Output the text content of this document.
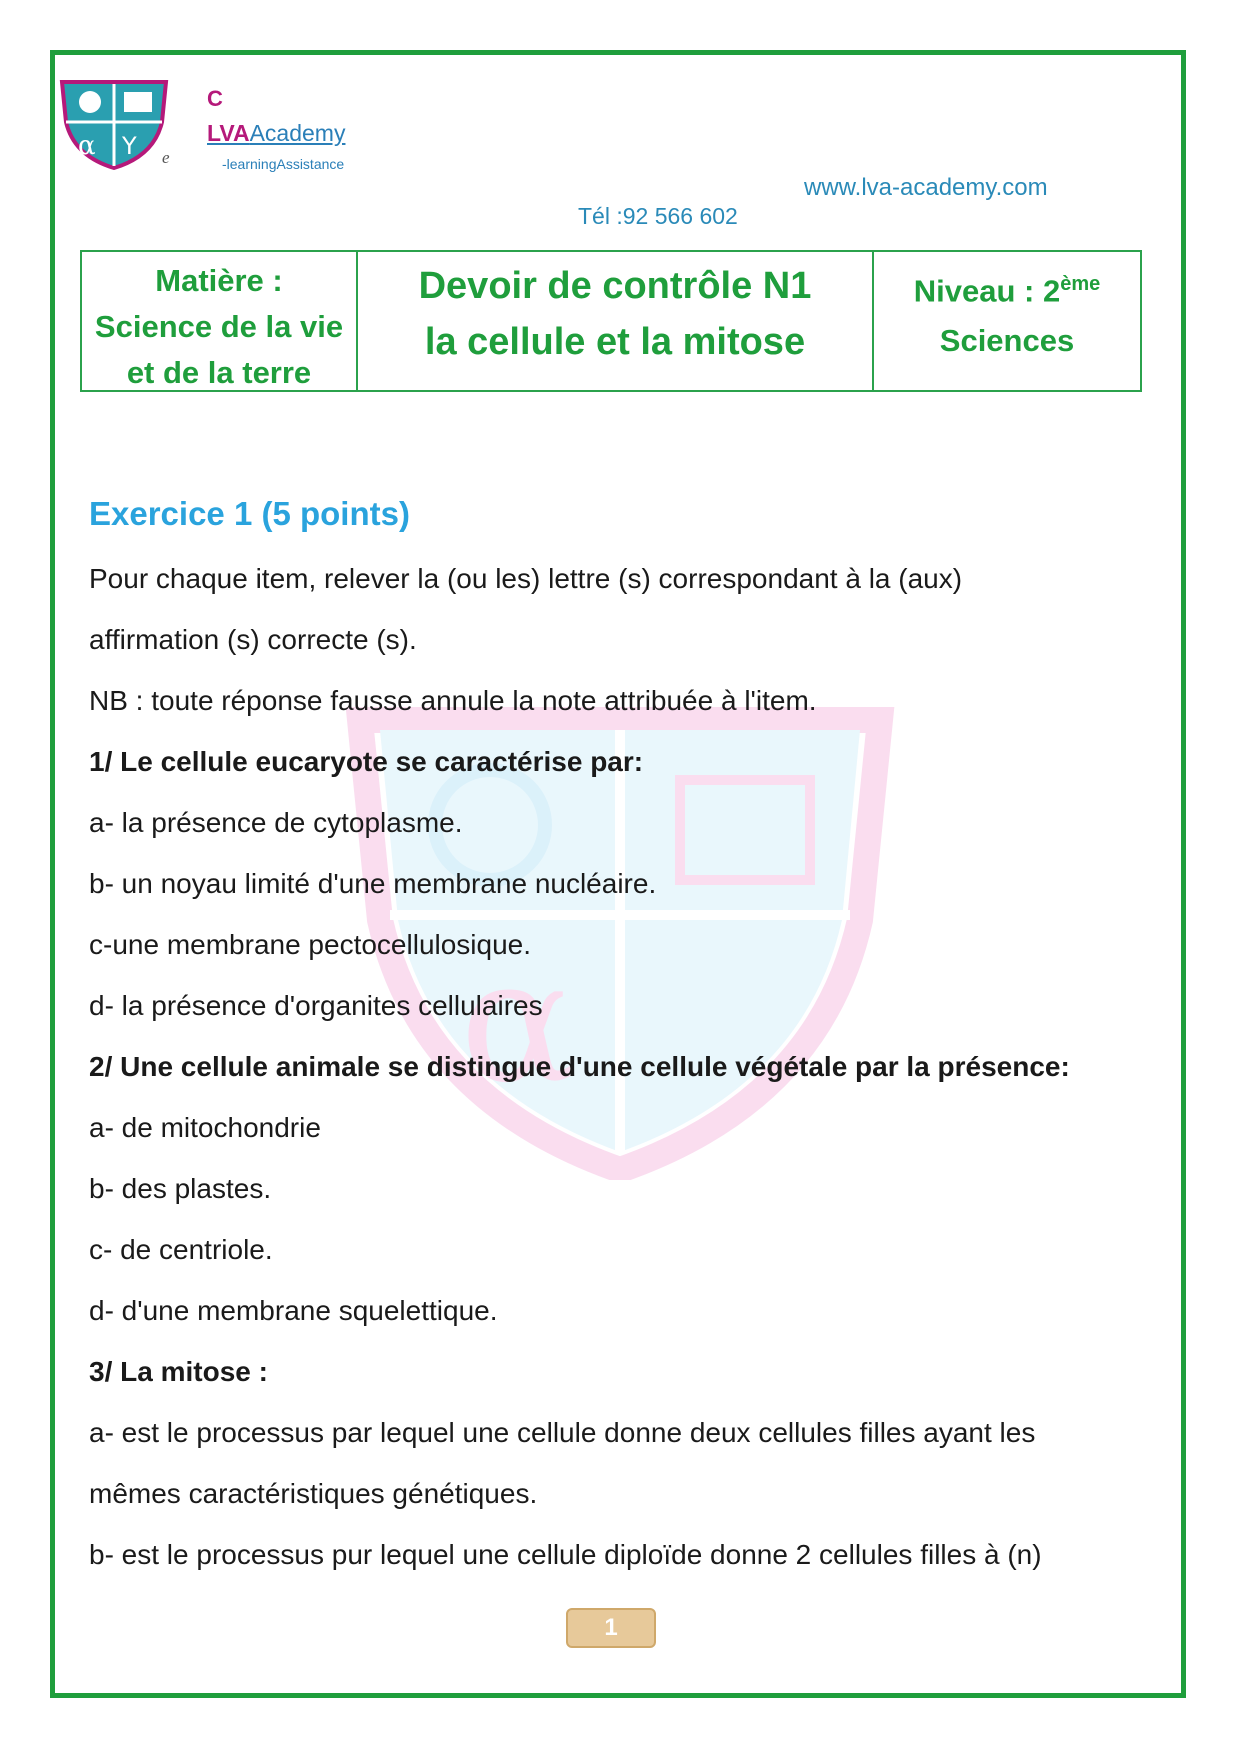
α
α Y
C
LVAAcademy
e	-learningAssistance
www.lva-academy.com
Tél :92 566 602
Matière :
Science de la vie
et de la terre
Devoir de contrôle N1
la cellule et la mitose
Niveau : 2ème
Sciences
Exercice 1 (5 points)
Pour chaque item, relever la (ou les) lettre (s) correspondant à la (aux)
affirmation (s) correcte (s).
NB : toute réponse fausse annule la note attribuée à l'item.
1/ Le cellule eucaryote se caractérise par:
a- la présence de cytoplasme.
b- un noyau limité d'une membrane nucléaire.
c-une membrane pectocellulosique.
d- la présence d'organites cellulaires
2/ Une cellule animale se distingue d'une cellule végétale par la présence:
a- de mitochondrie
b- des plastes.
c- de centriole.
d- d'une membrane squelettique.
3/ La mitose :
a- est le processus par lequel une cellule donne deux cellules filles ayant les
mêmes caractéristiques génétiques.
b- est le processus pur lequel une cellule diploïde donne 2 cellules filles à (n)
1
